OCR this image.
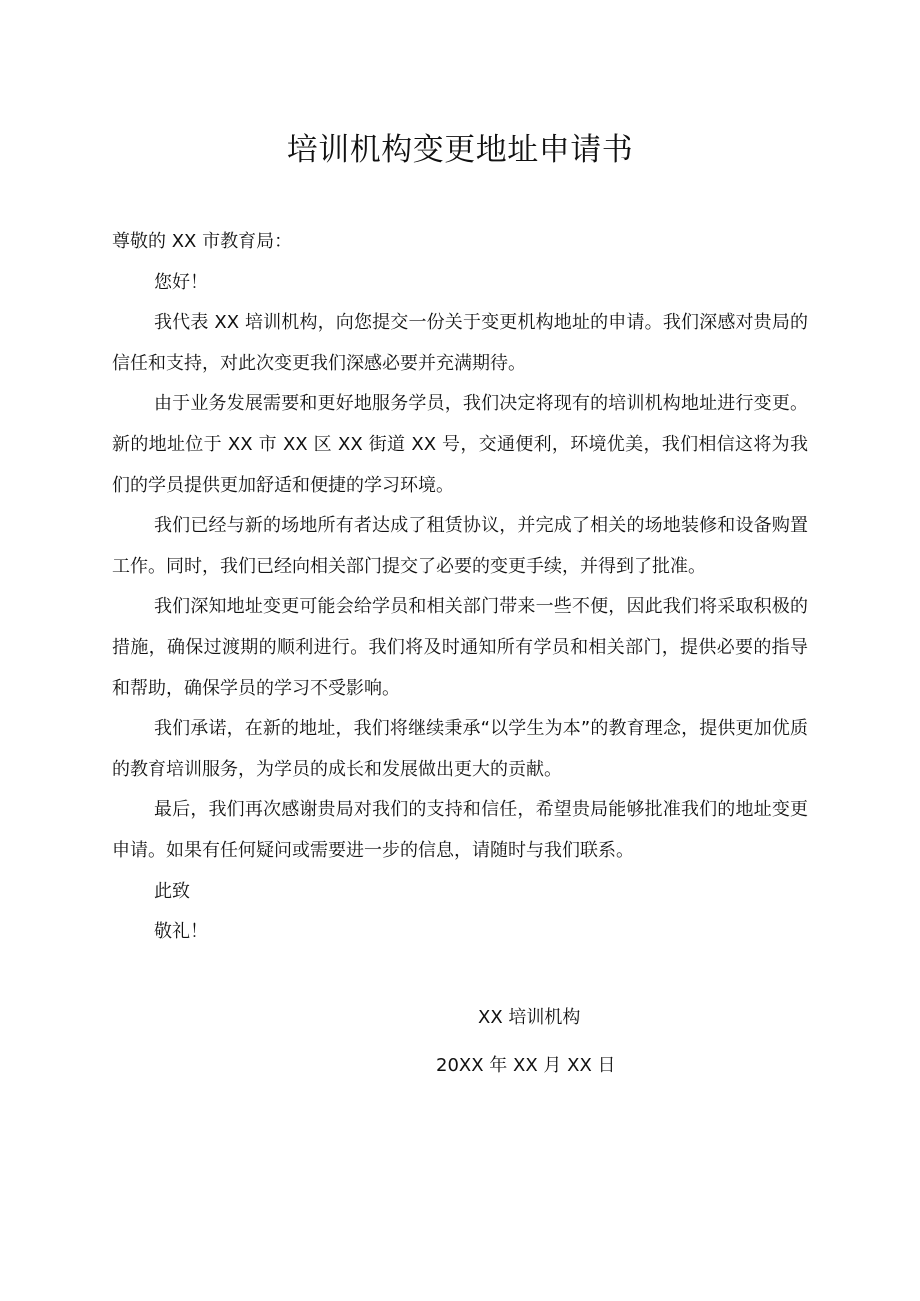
培训机构变更地址申请书

尊敬的 XX 市教育局：

您好！

我代表 XX 培训机构，向您提交一份关于变更机构地址的申请。我们深感对贵局的信任和支持，对此次变更我们深感必要并充满期待。

由于业务发展需要和更好地服务学员，我们决定将现有的培训机构地址进行变更。新的地址位于 XX 市 XX 区 XX 街道 XX 号，交通便利，环境优美，我们相信这将为我们的学员提供更加舒适和便捷的学习环境。

我们已经与新的场地所有者达成了租赁协议，并完成了相关的场地装修和设备购置工作。同时，我们已经向相关部门提交了必要的变更手续，并得到了批准。

我们深知地址变更可能会给学员和相关部门带来一些不便，因此我们将采取积极的措施，确保过渡期的顺利进行。我们将及时通知所有学员和相关部门，提供必要的指导和帮助，确保学员的学习不受影响。

我们承诺，在新的地址，我们将继续秉承“以学生为本”的教育理念，提供更加优质的教育培训服务，为学员的成长和发展做出更大的贡献。

最后，我们再次感谢贵局对我们的支持和信任，希望贵局能够批准我们的地址变更申请。如果有任何疑问或需要进一步的信息，请随时与我们联系。

此致

敬礼！

XX 培训机构
20XX 年 XX 月 XX 日
